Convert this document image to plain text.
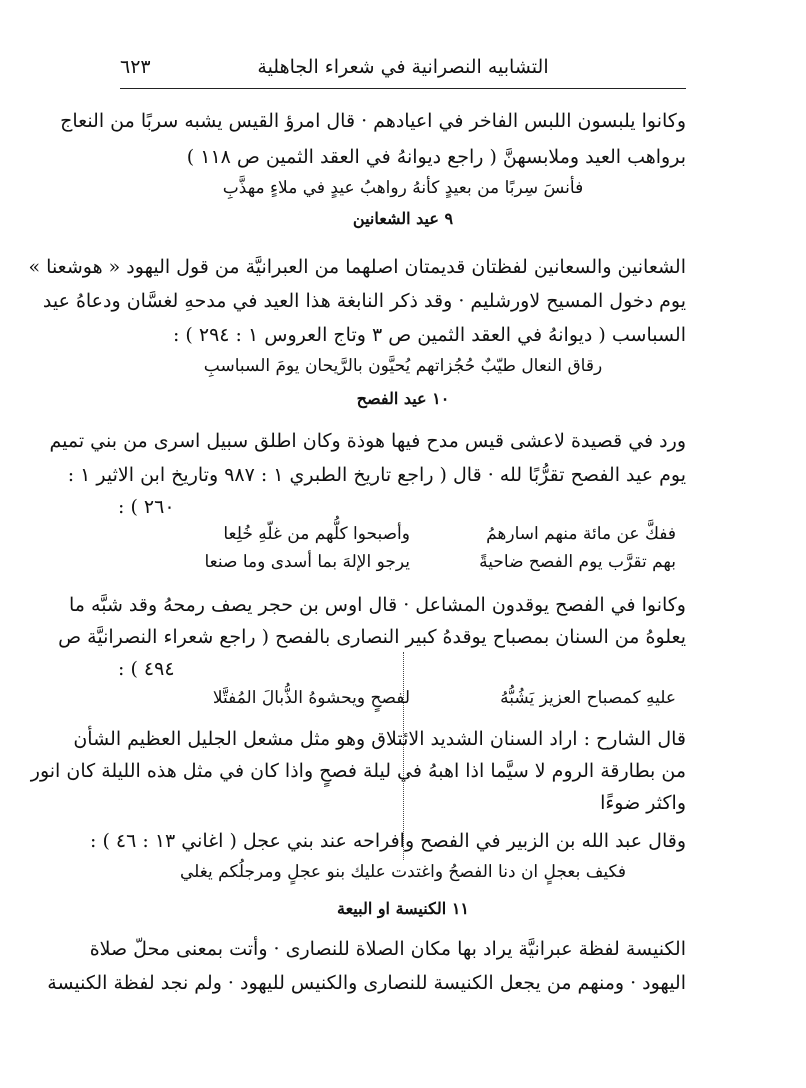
التشابيه النصرانية في شعراء الجاهلية
٦٢٣
وكانوا يلبسون اللبس الفاخر في اعيادهم · قال امرؤ القيس يشبه سربًا من النعاج
برواهب العيد وملابسهنَّ ( راجع ديوانهُ في العقد الثمين ص ١١٨ )
فأنسَ سِربًا من بعيدٍ كأنهُ رواهبُ عيدٍ في ملاءٍ مهذَّبِ
٩ عيد الشعانين
الشعانين والسعانين لفظتان قديمتان اصلهما من العبرانيَّة من قول اليهود « هوشعنا »
يوم دخول المسيح لاورشليم · وقد ذكر النابغة هذا العيد في مدحهِ لغسَّان ودعاهُ عيد
السباسب ( ديوانهُ في العقد الثمين ص ٣ وتاج العروس ١ : ٢٩٤ ) :
رقاق النعال طيّبٌ حُجُزاتهم يُحيَّون بالرَّيحان يومَ السباسبِ
١٠ عيد الفصح
ورد في قصيدة لاعشى قيس مدح فيها هوذة وكان اطلق سبيل اسرى من بني تميم
يوم عيد الفصح تقرُّبًا لله · قال ( راجع تاريخ الطبري ١ : ٩٨٧ وتاريخ ابن الاثير ١ :
٢٦٠ ) :
ففكَّ عن مائة منهم اسارهمُ
وأصبحوا كلُّهم من غلّهِ خُلِعا
بهم تقرَّب يوم الفصح ضاحيةً
يرجو الإلهَ بما أسدى وما صنعا
وكانوا في الفصح يوقدون المشاعل · قال اوس بن حجر يصف رمحهُ وقد شبَّه ما
يعلوهُ من السنان بمصباح يوقدهُ كبير النصارى بالفصح ( راجع شعراء النصرانيَّة ص
٤٩٤ ) :
عليهِ كمصباح العزيز يَشُبُّهُ
لفصحٍ ويحشوهُ الذُّبالَ المُفتَّلا
قال الشارح : اراد السنان الشديد الائتلاق وهو مثل مشعل الجليل العظيم الشأن
من بطارقة الروم لا سيَّما اذا اهبهُ في ليلة فصحٍ واذا كان في مثل هذه الليلة كان انور
واكثر ضوءًا
وقال عبد الله بن الزبير في الفصح وافراحه عند بني عجل ( اغاني ١٣ : ٤٦ ) :
فكيف بعجلٍ ان دنا الفصحُ واغتدت عليك بنو عجلٍ ومرجلُكم يغلي
١١ الكنيسة او البيعة
الكنيسة لفظة عبرانيَّة يراد بها مكان الصلاة للنصارى · وأتت بمعنى محلّ صلاة
اليهود · ومنهم من يجعل الكنيسة للنصارى والكنيس لليهود · ولم نجد لفظة الكنيسة
